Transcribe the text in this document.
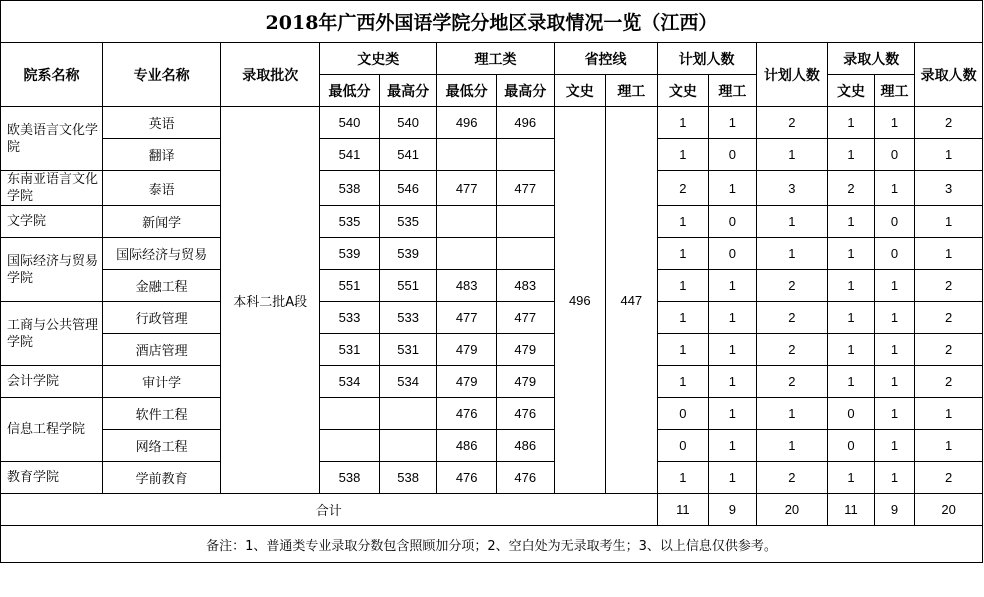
2018年广西外国语学院分地区录取情况一览（江西）														
院系名称	专业名称	录取批次	文史类		理工类		省控线		计划人数		计划人数	录取人数		录取人数
			最低分	最高分	最低分	最高分	文史	理工	文史	理工		文史	理工	
欧美语言文化学院	英语	本科二批A段	540	540	496	496	496	447	1	1	2	1	1	2
	翻译		541	541					1	0	1	1	0	1
东南亚语言文化学院	泰语		538	546	477	477			2	1	3	2	1	3
文学院	新闻学		535	535					1	0	1	1	0	1
国际经济与贸易学院	国际经济与贸易		539	539					1	0	1	1	0	1
	金融工程		551	551	483	483			1	1	2	1	1	2
工商与公共管理学院	行政管理		533	533	477	477			1	1	2	1	1	2
	酒店管理		531	531	479	479			1	1	2	1	1	2
会计学院	审计学		534	534	479	479			1	1	2	1	1	2
信息工程学院	软件工程				476	476			0	1	1	0	1	1
	网络工程				486	486			0	1	1	0	1	1
教育学院	学前教育		538	538	476	476			1	1	2	1	1	2
合计									11	9	20	11	9	20
备注：1、普通类专业录取分数包含照顾加分项；2、空白处为无录取考生；3、以上信息仅供参考。														
